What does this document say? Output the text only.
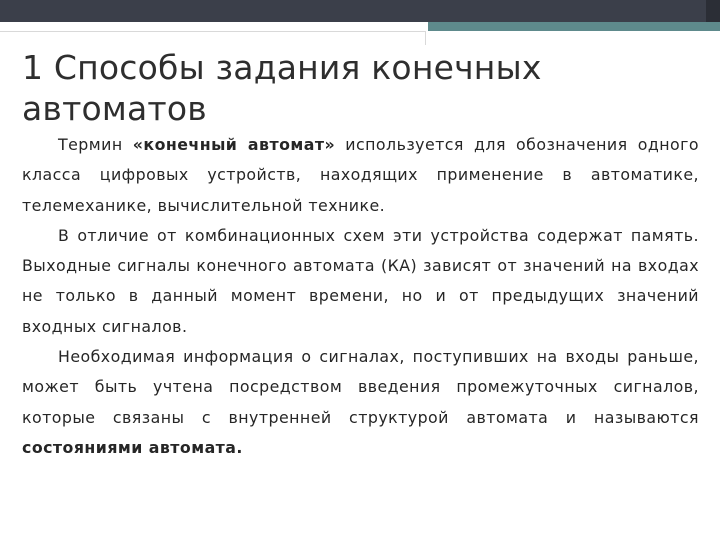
1 Способы задания конечных автоматов

Термин «конечный автомат» используется для обозначения одного класса цифровых устройств, находящих применение в автоматике, телемеханике, вычислительной технике.

В отличие от комбинационных схем эти устройства содержат память. Выходные сигналы конечного автомата (КА) зависят от значений на входах не только в данный момент времени, но и от предыдущих значений входных сигналов.

Необходимая информация о сигналах, поступивших на входы раньше, может быть учтена посредством введения промежуточных сигналов, которые связаны с внутренней структурой автомата и называются состояниями автомата.
